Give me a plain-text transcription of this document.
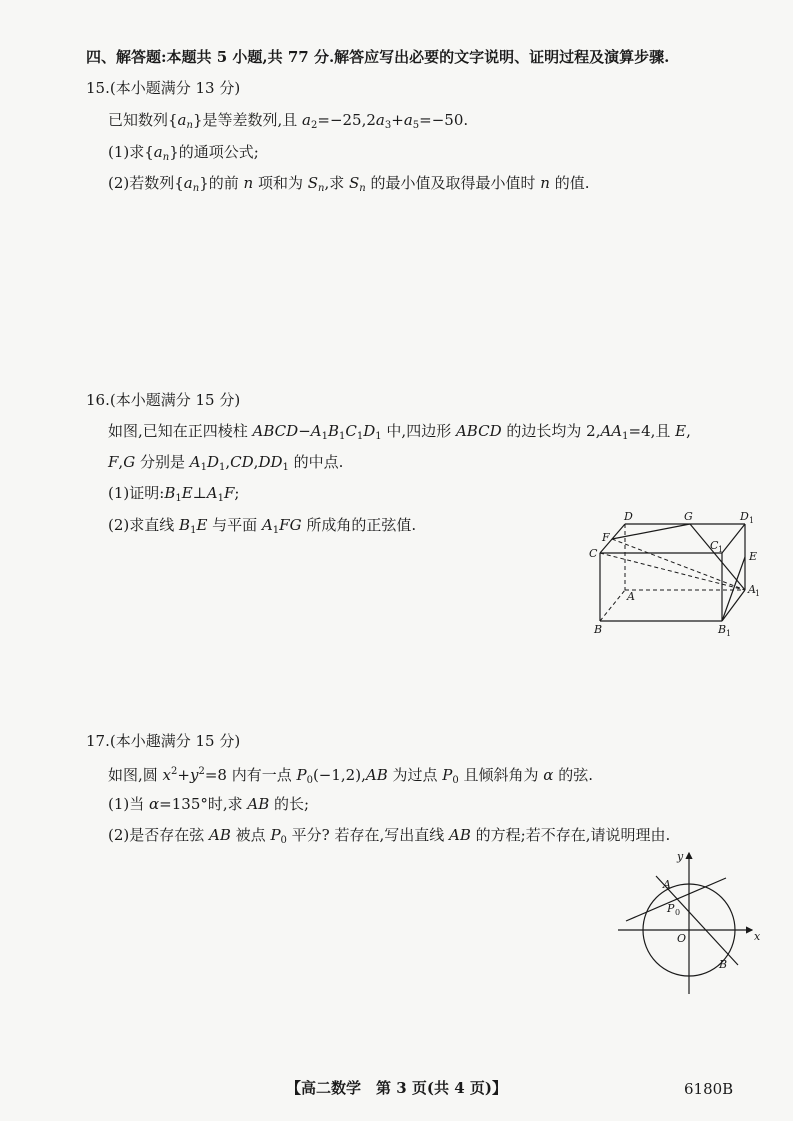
四、解答题:本题共 5 小题,共 77 分.解答应写出必要的文字说明、证明过程及演算步骤.
15.(本小题满分 13 分)
已知数列$\{a_n\}$是等差数列,且 $a_2=-25,2a_3+a_5=-50$.
(1)求$\{a_n\}$的通项公式;
(2)若数列$\{a_n\}$的前 n 项和为 $S_n$,求 $S_n$ 的最小值及取得最小值时 n 的值.
16.(本小题满分 15 分)
如图,已知在正四棱柱 $ABCD-A_1B_1C_1D_1$ 中,四边形 ABCD 的边长均为 $2,AA_1=4$,且 E,
F,G 分别是 $A_1D_1,CD,DD_1$ 的中点.
(1)证明$:B_1E\perp A_1F$;
(2)求直线 $B_1E$ 与平面 $A_1FG$ 所成角的正弦值.	D	G	D 1
C
F
C 1
E
A
A 1
B	B 1
17.(本小趣满分 15 分)
如图,圆 $x^2+y^2=8$ 内有一点 $P_0(-1,2),AB$ 为过点 $P_0$ 且倾斜角为 α 的弦.
(1)当 α=135°时,求 AB 的长;
(2)是否存在弦 AB 被点 $P_0$ 平分? 若存在,写出直线 AB 的方程;若不存在,请说明理由.
y
A
P 0
O	x
B
【高二数学　第 3 页(共 4 页)】	6180B
